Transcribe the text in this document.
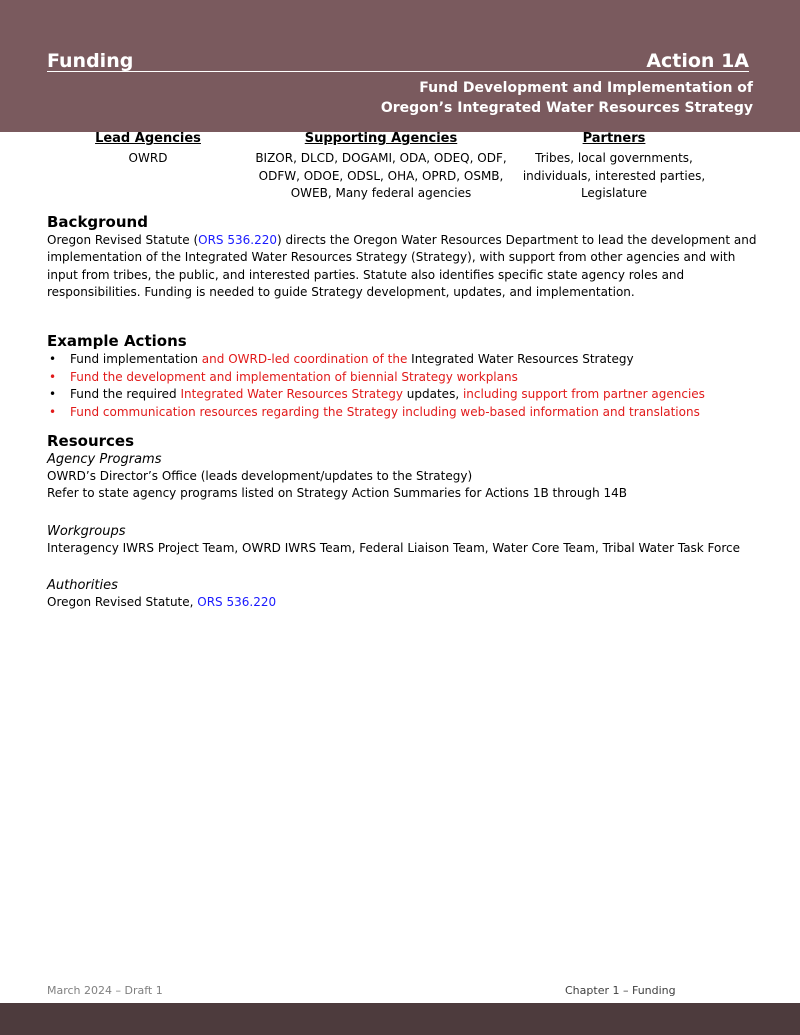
Funding	Action 1A
Fund Development and Implementation of
Oregon’s Integrated Water Resources Strategy
Lead Agencies
OWRD
Supporting Agencies
BIZOR, DLCD, DOGAMI, ODA, ODEQ, ODF,
ODFW, ODOE, ODSL, OHA, OPRD, OSMB,
OWEB, Many federal agencies
Partners
Tribes, local governments,
individuals, interested parties,
Legislature
Background

Oregon Revised Statute (ORS 536.220) directs the Oregon Water Resources Department to lead the development and implementation of the Integrated Water Resources Strategy (Strategy), with support from other agencies and with input from tribes, the public, and interested parties. Statute also identifies specific state agency roles and responsibilities. Funding is needed to guide Strategy development, updates, and implementation.

Example Actions
• Fund implementation and OWRD-led coordination of the Integrated Water Resources Strategy
• Fund the development and implementation of biennial Strategy workplans
• Fund the required Integrated Water Resources Strategy updates, including support from partner agencies
• Fund communication resources regarding the Strategy including web-based information and translations
Resources
Agency Programs

OWRD’s Director’s Office (leads development/updates to the Strategy)

Refer to state agency programs listed on Strategy Action Summaries for Actions 1B through 14B

Workgroups

Interagency IWRS Project Team, OWRD IWRS Team, Federal Liaison Team, Water Core Team, Tribal Water Task Force

Authorities

Oregon Revised Statute, ORS 536.220

March 2024 – Draft 1	Chapter 1 – Funding
